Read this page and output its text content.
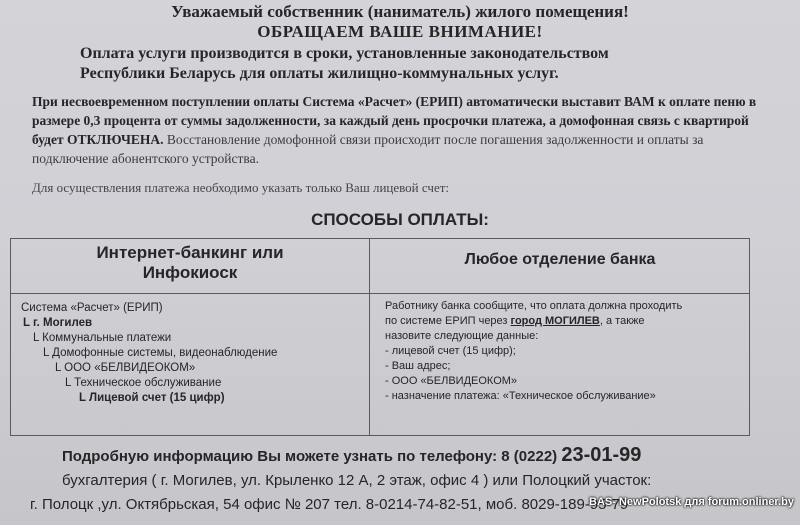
Уважаемый собственник (наниматель) жилого помещения!
ОБРАЩАЕМ ВАШЕ ВНИМАНИЕ!
Оплата услуги производится в сроки, установленные законодательством
Республики Беларусь для оплаты жилищно-коммунальных услуг.
При несвоевременном поступлении оплаты Система «Расчет» (ЕРИП) автоматически выставит ВАМ к оплате пеню в размере 0,3 процента от суммы задолженности, за каждый день просрочки платежа, а домофонная связь с квартирой будет ОТКЛЮЧЕНА. Восстановление домофонной связи происходит после погашения задолженности и оплаты за подключение абонентского устройства.
Для осуществления платежа необходимо указать только Ваш лицевой счет:
СПОСОБЫ ОПЛАТЫ:
Интернет-банкинг или
Инфокиоск
Любое отделение банка
Система «Расчет» (ЕРИП)
L г. Могилев
L Коммунальные платежи
L Домофонные системы, видеонаблюдение
L ООО «БЕЛВИДЕОКОМ»
L Техническое обслуживание
L Лицевой счет (15 цифр)
Работнику банка сообщите, что оплата должна проходить
по системе ЕРИП через город МОГИЛЕВ, а также
назовите следующие данные:
- лицевой счет (15 цифр);
- Ваш адрес;
- ООО «БЕЛВИДЕОКОМ»
- назначение платежа: «Техническое обслуживание»
Подробную информацию Вы можете узнать по телефону: 8 (0222) 23-01-99
бухгалтерия ( г. Могилев, ул. Крыленко 12 А, 2 этаж, офис 4 ) или Полоцкий участок:
г. Полоцк ,ул. Октябрьская, 54 офис № 207 тел. 8-0214-74-82-51, моб. 8029-189-95-79
BAS- NewPolotsk для forum.onliner.by
